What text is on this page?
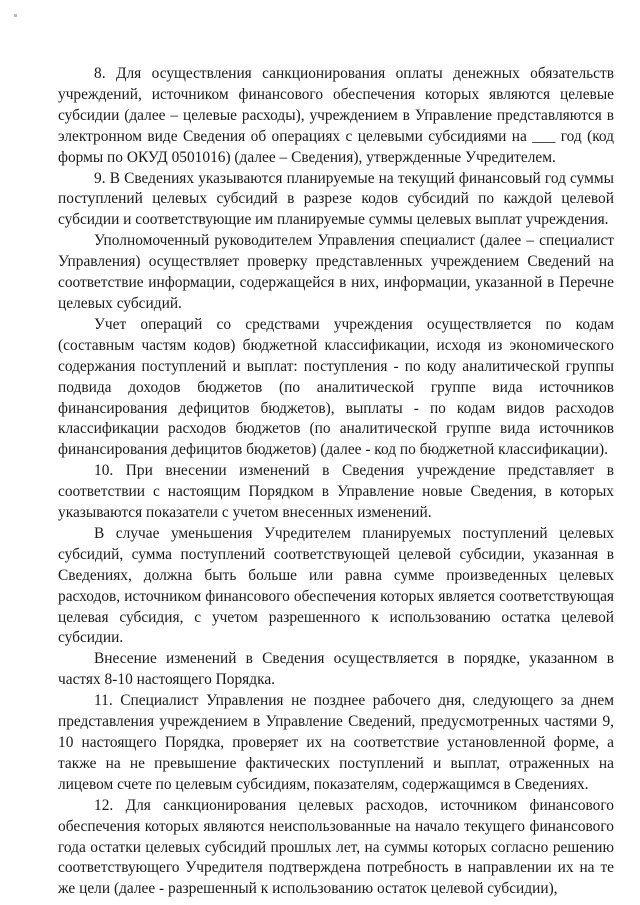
8. Для осуществления санкционирования оплаты денежных обязательств учреждений, источником финансового обеспечения которых являются целевые субсидии (далее – целевые расходы), учреждением в Управление представляются в электронном виде Сведения об операциях с целевыми субсидиями на ___ год (код формы по ОКУД 0501016) (далее – Сведения), утвержденные Учредителем.

9. В Сведениях указываются планируемые на текущий финансовый год суммы поступлений целевых субсидий в разрезе кодов субсидий по каждой целевой субсидии и соответствующие им планируемые суммы целевых выплат учреждения.

Уполномоченный руководителем Управления специалист (далее – специалист Управления) осуществляет проверку представленных учреждением Сведений на соответствие информации, содержащейся в них, информации, указанной в Перечне целевых субсидий.

Учет операций со средствами учреждения осуществляется по кодам (составным частям кодов) бюджетной классификации, исходя из экономического содержания поступлений и выплат: поступления - по коду аналитической группы подвида доходов бюджетов (по аналитической группе вида источников финансирования дефицитов бюджетов), выплаты - по кодам видов расходов классификации расходов бюджетов (по аналитической группе вида источников финансирования дефицитов бюджетов) (далее - код по бюджетной классификации).

10. При внесении изменений в Сведения учреждение представляет в соответствии с настоящим Порядком в Управление новые Сведения, в которых указываются показатели с учетом внесенных изменений.

В случае уменьшения Учредителем планируемых поступлений целевых субсидий, сумма поступлений соответствующей целевой субсидии, указанная в Сведениях, должна быть больше или равна сумме произведенных целевых расходов, источником финансового обеспечения которых является соответствующая целевая субсидия, с учетом разрешенного к использованию остатка целевой субсидии.

Внесение изменений в Сведения осуществляется в порядке, указанном в частях 8-10 настоящего Порядка.

11. Специалист Управления не позднее рабочего дня, следующего за днем представления учреждением в Управление Сведений, предусмотренных частями 9, 10 настоящего Порядка, проверяет их на соответствие установленной форме, а также на не превышение фактических поступлений и выплат, отраженных на лицевом счете по целевым субсидиям, показателям, содержащимся в Сведениях.

12. Для санкционирования целевых расходов, источником финансового обеспечения которых являются неиспользованные на начало текущего финансового года остатки целевых субсидий прошлых лет, на суммы которых согласно решению соответствующего Учредителя подтверждена потребность в направлении их на те же цели (далее - разрешенный к использованию остаток целевой субсидии),
